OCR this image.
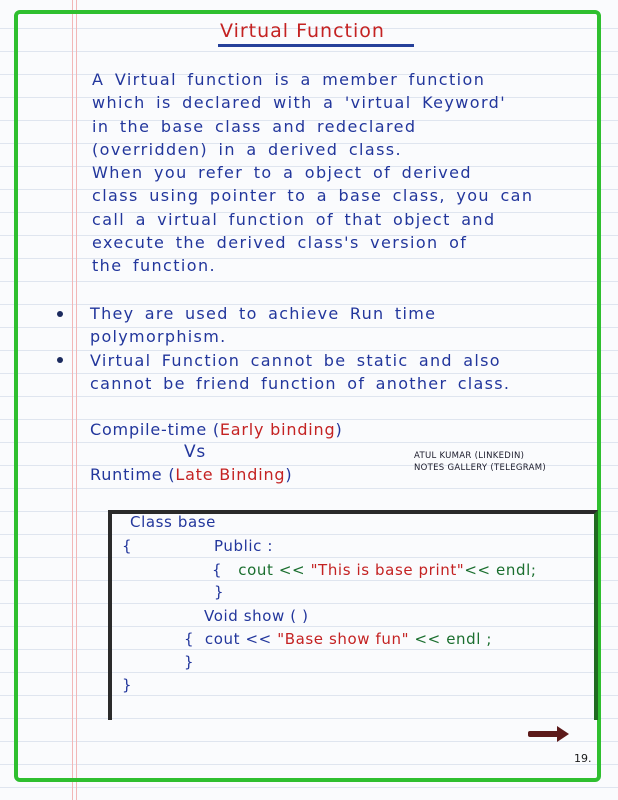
Virtual Function

A Virtual function is a member function
which is declared with a 'virtual Keyword'
in the base class and redeclared
(overridden) in a derived class.
When you refer to a object of derived
class using pointer to a base class, you can
call a virtual function of that object and
execute the derived class's version of
the function.

They are used to achieve Run time
polymorphism.

Virtual Function cannot be static and also
cannot be friend function of another class.

Compile-time (Early binding)
Vs
Runtime (Late Binding)
ATUL KUMAR (LINKEDIN)
NOTES GALLERY (TELEGRAM)
Class base
{	Public :
{ cout << "This is base print"<< endl;
}
Void show ( )
{ cout << "Base show fun" << endl ;
}
}
19.
